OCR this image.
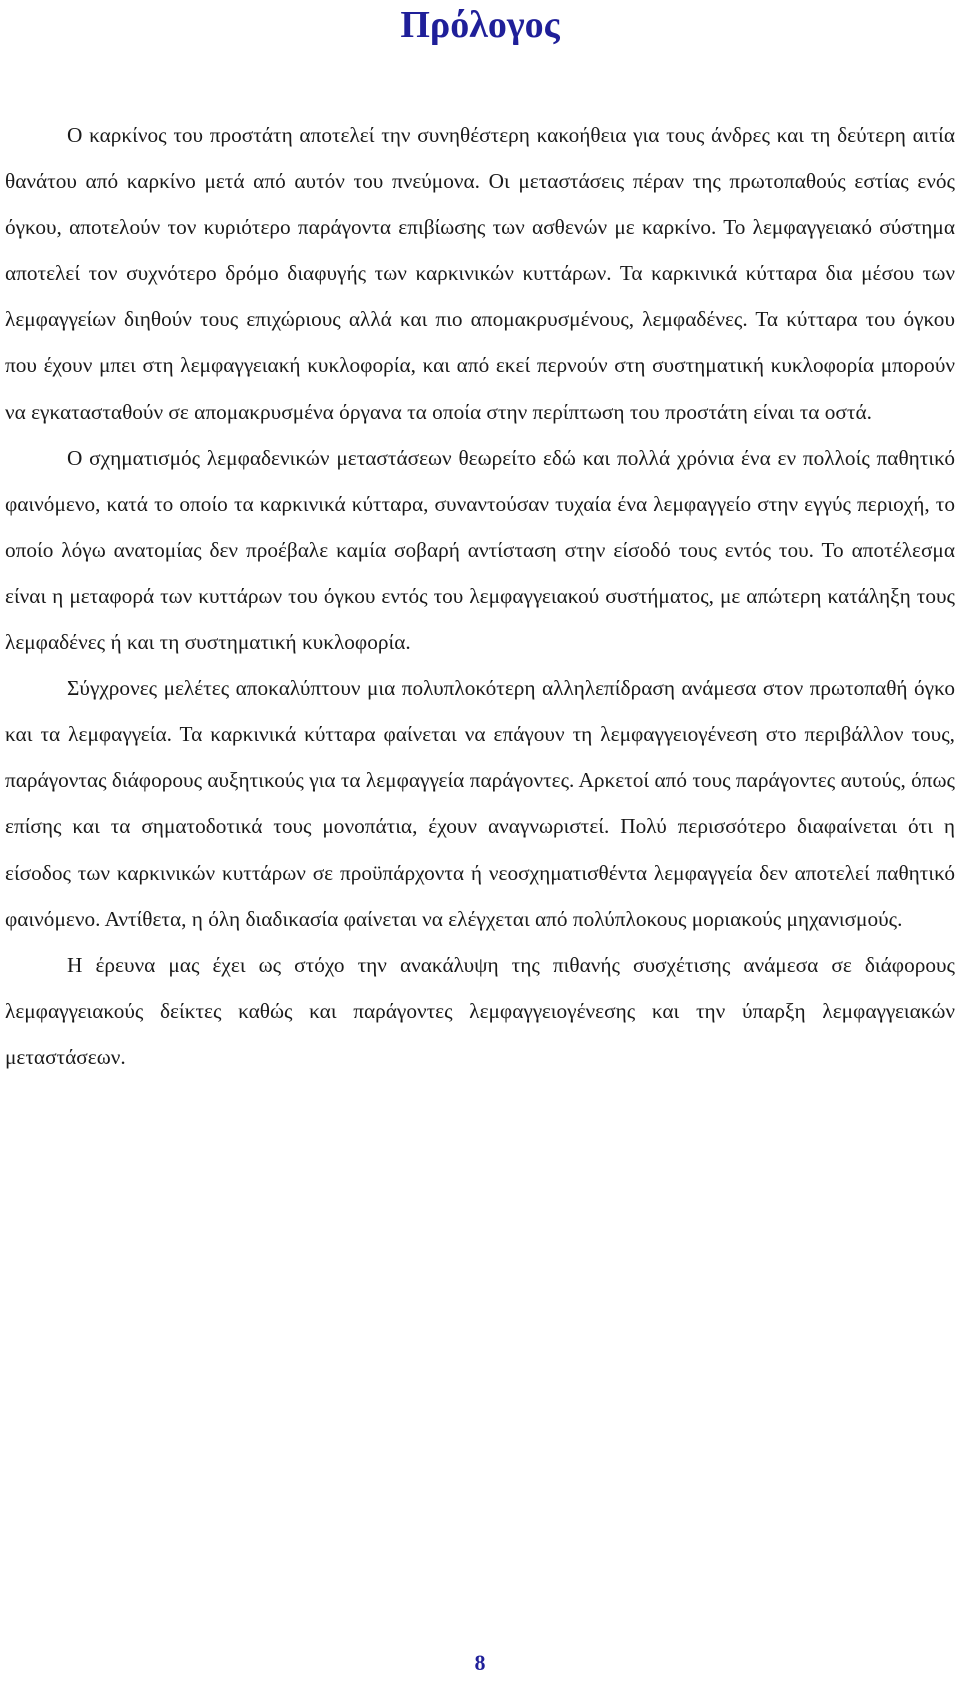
Πρόλογος

Ο καρκίνος του προστάτη αποτελεί την συνηθέστερη κακοήθεια για τους άνδρες και τη δεύτερη αιτία θανάτου από καρκίνο μετά από αυτόν του πνεύμονα. Οι μεταστάσεις πέραν της πρωτοπαθούς εστίας ενός όγκου, αποτελούν τον κυριότερο παράγοντα επιβίωσης των ασθενών με καρκίνο. Το λεμφαγγειακό σύστημα αποτελεί τον συχνότερο δρόμο διαφυγής των καρκινικών κυττάρων. Τα καρκινικά κύτταρα δια μέσου των λεμφαγγείων διηθούν τους επιχώριους αλλά και πιο απομακρυσμένους, λεμφαδένες. Τα κύτταρα του όγκου που έχουν μπει στη λεμφαγγειακή κυκλοφορία, και από εκεί περνούν στη συστηματική κυκλοφορία μπορούν να εγκατασταθούν σε απομακρυσμένα όργανα τα οποία στην περίπτωση του προστάτη είναι τα οστά.

Ο σχηματισμός λεμφαδενικών μεταστάσεων θεωρείτο εδώ και πολλά χρόνια ένα εν πολλοίς παθητικό φαινόμενο, κατά το οποίο τα καρκινικά κύτταρα, συναντούσαν τυχαία ένα λεμφαγγείο στην εγγύς περιοχή, το οποίο λόγω ανατομίας δεν προέβαλε καμία σοβαρή αντίσταση στην είσοδό τους εντός του. Το αποτέλεσμα είναι η μεταφορά των κυττάρων του όγκου εντός του λεμφαγγειακού συστήματος, με απώτερη κατάληξη τους λεμφαδένες ή και τη συστηματική κυκλοφορία.

Σύγχρονες μελέτες αποκαλύπτουν μια πολυπλοκότερη αλληλεπίδραση ανάμεσα στον πρωτοπαθή όγκο και τα λεμφαγγεία. Τα καρκινικά κύτταρα φαίνεται να επάγουν τη λεμφαγγειογένεση στο περιβάλλον τους, παράγοντας διάφορους αυξητικούς για τα λεμφαγγεία παράγοντες. Αρκετοί από τους παράγοντες αυτούς, όπως επίσης και τα σηματοδοτικά τους μονοπάτια, έχουν αναγνωριστεί. Πολύ περισσότερο διαφαίνεται ότι η είσοδος των καρκινικών κυττάρων σε προϋπάρχοντα ή νεοσχηματισθέντα λεμφαγγεία δεν αποτελεί παθητικό φαινόμενο. Αντίθετα, η όλη διαδικασία φαίνεται να ελέγχεται από πολύπλοκους μοριακούς μηχανισμούς.

Η έρευνα μας έχει ως στόχο την ανακάλυψη της πιθανής συσχέτισης ανάμεσα σε διάφορους λεμφαγγειακούς δείκτες καθώς και παράγοντες λεμφαγγειογένεσης και την ύπαρξη λεμφαγγειακών μεταστάσεων.

8
